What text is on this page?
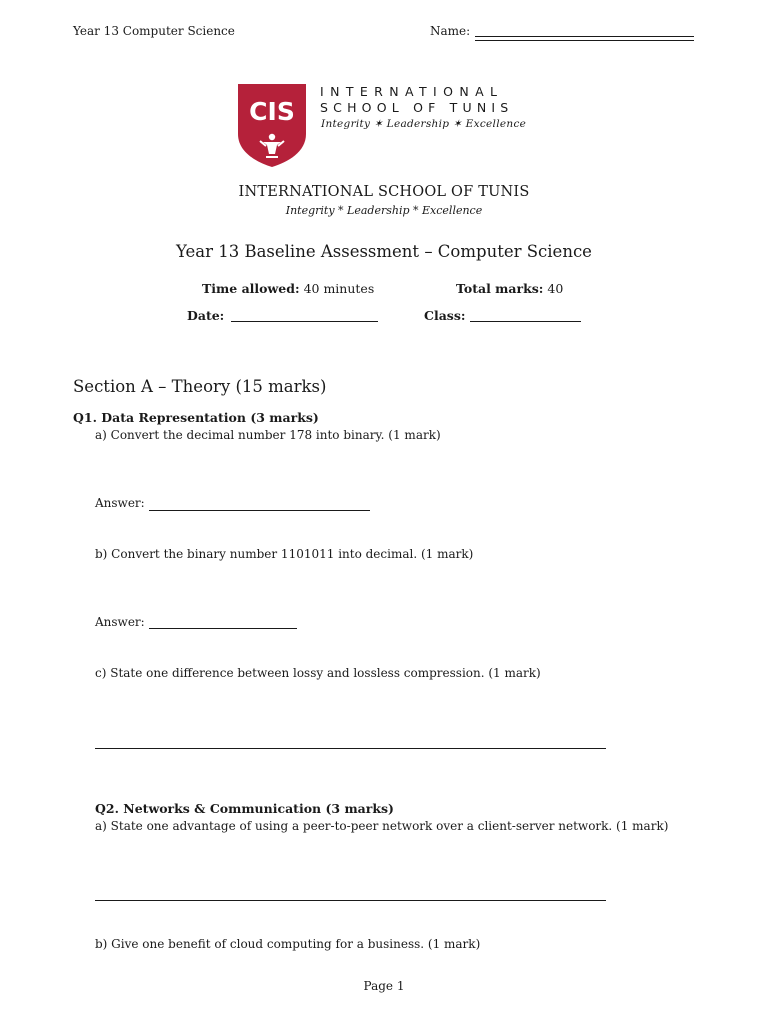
Year 13 Computer Science	Name:
CIS
INTERNATIONAL
SCHOOL OF TUNIS
Integrity ✶ Leadership ✶ Excellence
INTERNATIONAL SCHOOL OF TUNIS
Integrity * Leadership * Excellence
Year 13 Baseline Assessment – Computer Science
Time allowed: 40 minutes	Total marks: 40
Date:	Class:
Section A – Theory (15 marks)
Q1. Data Representation (3 marks)
a) Convert the decimal number 178 into binary. (1 mark)
Answer:
b) Convert the binary number 1101011 into decimal. (1 mark)
Answer:
c) State one difference between lossy and lossless compression. (1 mark)
Q2. Networks & Communication (3 marks)
a) State one advantage of using a peer-to-peer network over a client-server network. (1 mark)
b) Give one benefit of cloud computing for a business. (1 mark)
Page 1
